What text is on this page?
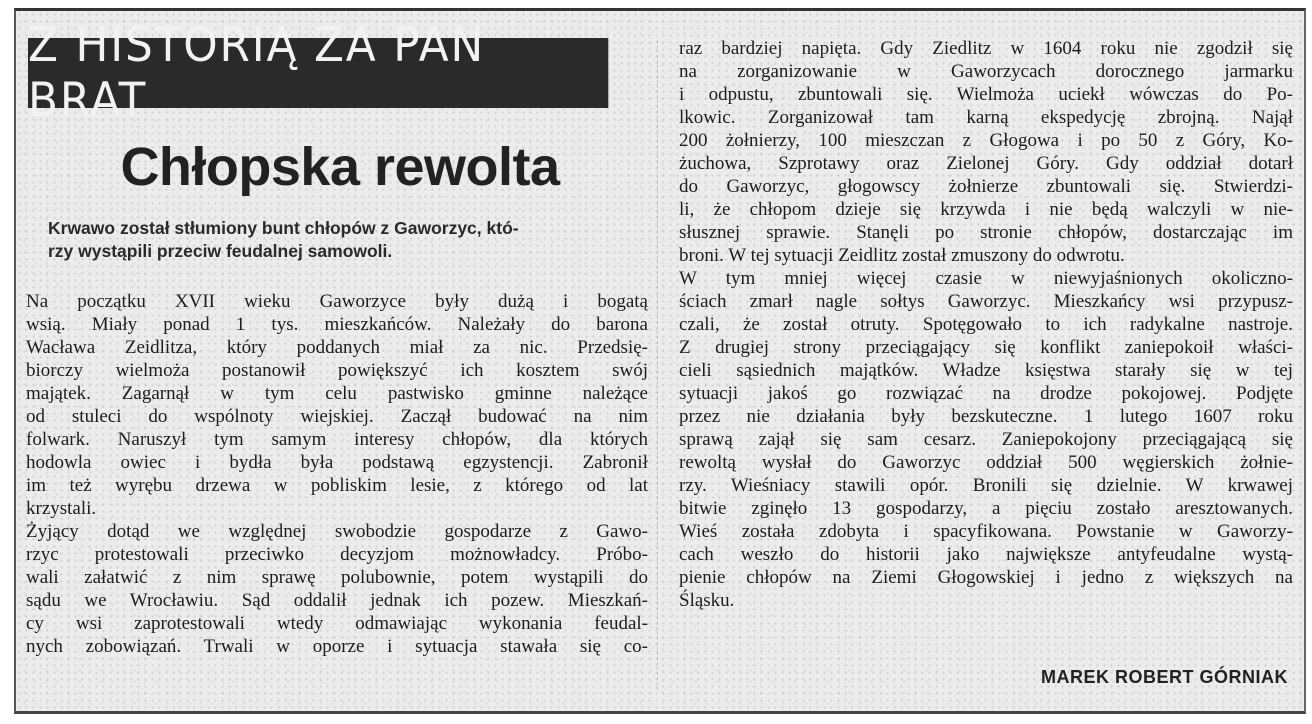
Z HISTORIĄ ZA PAN BRAT
Chłopska rewolta
Krwawo został stłumiony bunt chłopów z Gaworzyc, któ-
rzy wystąpili przeciw feudalnej samowoli.
Na początku XVII wieku Gaworzyce były dużą i bogatą
wsią. Miały ponad 1 tys. mieszkańców. Należały do barona
Wacława Zeidlitza, który poddanych miał za nic. Przedsię-
biorczy wielmoża postanowił powiększyć ich kosztem swój
majątek. Zagarnął w tym celu pastwisko gminne należące
od stuleci do wspólnoty wiejskiej. Zaczął budować na nim
folwark. Naruszył tym samym interesy chłopów, dla których
hodowla owiec i bydła była podstawą egzystencji. Zabronił
im też wyrębu drzewa w pobliskim lesie, z którego od lat
krzystali.
Żyjący dotąd we względnej swobodzie gospodarze z Gawo-
rzyc protestowali przeciwko decyzjom możnowładcy. Próbo-
wali załatwić z nim sprawę polubownie, potem wystąpili do
sądu we Wrocławiu. Sąd oddalił jednak ich pozew. Mieszkań-
cy wsi zaprotestowali wtedy odmawiając wykonania feudal-
nych zobowiązań. Trwali w oporze i sytuacja stawała się co-
raz bardziej napięta. Gdy Ziedlitz w 1604 roku nie zgodził się
na zorganizowanie w Gaworzycach dorocznego jarmarku
i odpustu, zbuntowali się. Wielmoża uciekł wówczas do Po-
lkowic. Zorganizował tam karną ekspedycję zbrojną. Najął
200 żołnierzy, 100 mieszczan z Głogowa i po 50 z Góry, Ko-
żuchowa, Szprotawy oraz Zielonej Góry. Gdy oddział dotarł
do Gaworzyc, głogowscy żołnierze zbuntowali się. Stwierdzi-
li, że chłopom dzieje się krzywda i nie będą walczyli w nie-
słusznej sprawie. Stanęli po stronie chłopów, dostarczając im
broni. W tej sytuacji Zeidlitz został zmuszony do odwrotu.
W tym mniej więcej czasie w niewyjaśnionych okoliczno-
ściach zmarł nagle sołtys Gaworzyc. Mieszkańcy wsi przypusz-
czali, że został otruty. Spotęgowało to ich radykalne nastroje.
Z drugiej strony przeciągający się konflikt zaniepokoił właści-
cieli sąsiednich majątków. Władze księstwa starały się w tej
sytuacji jakoś go rozwiązać na drodze pokojowej. Podjęte
przez nie działania były bezskuteczne. 1 lutego 1607 roku
sprawą zajął się sam cesarz. Zaniepokojony przeciągającą się
rewoltą wysłał do Gaworzyc oddział 500 węgierskich żołnie-
rzy. Wieśniacy stawili opór. Bronili się dzielnie. W krwawej
bitwie zginęło 13 gospodarzy, a pięciu zostało aresztowanych.
Wieś została zdobyta i spacyfikowana. Powstanie w Gaworzy-
cach weszło do historii jako największe antyfeudalne wystą-
pienie chłopów na Ziemi Głogowskiej i jedno z większych na
Śląsku.
MAREK ROBERT GÓRNIAK
